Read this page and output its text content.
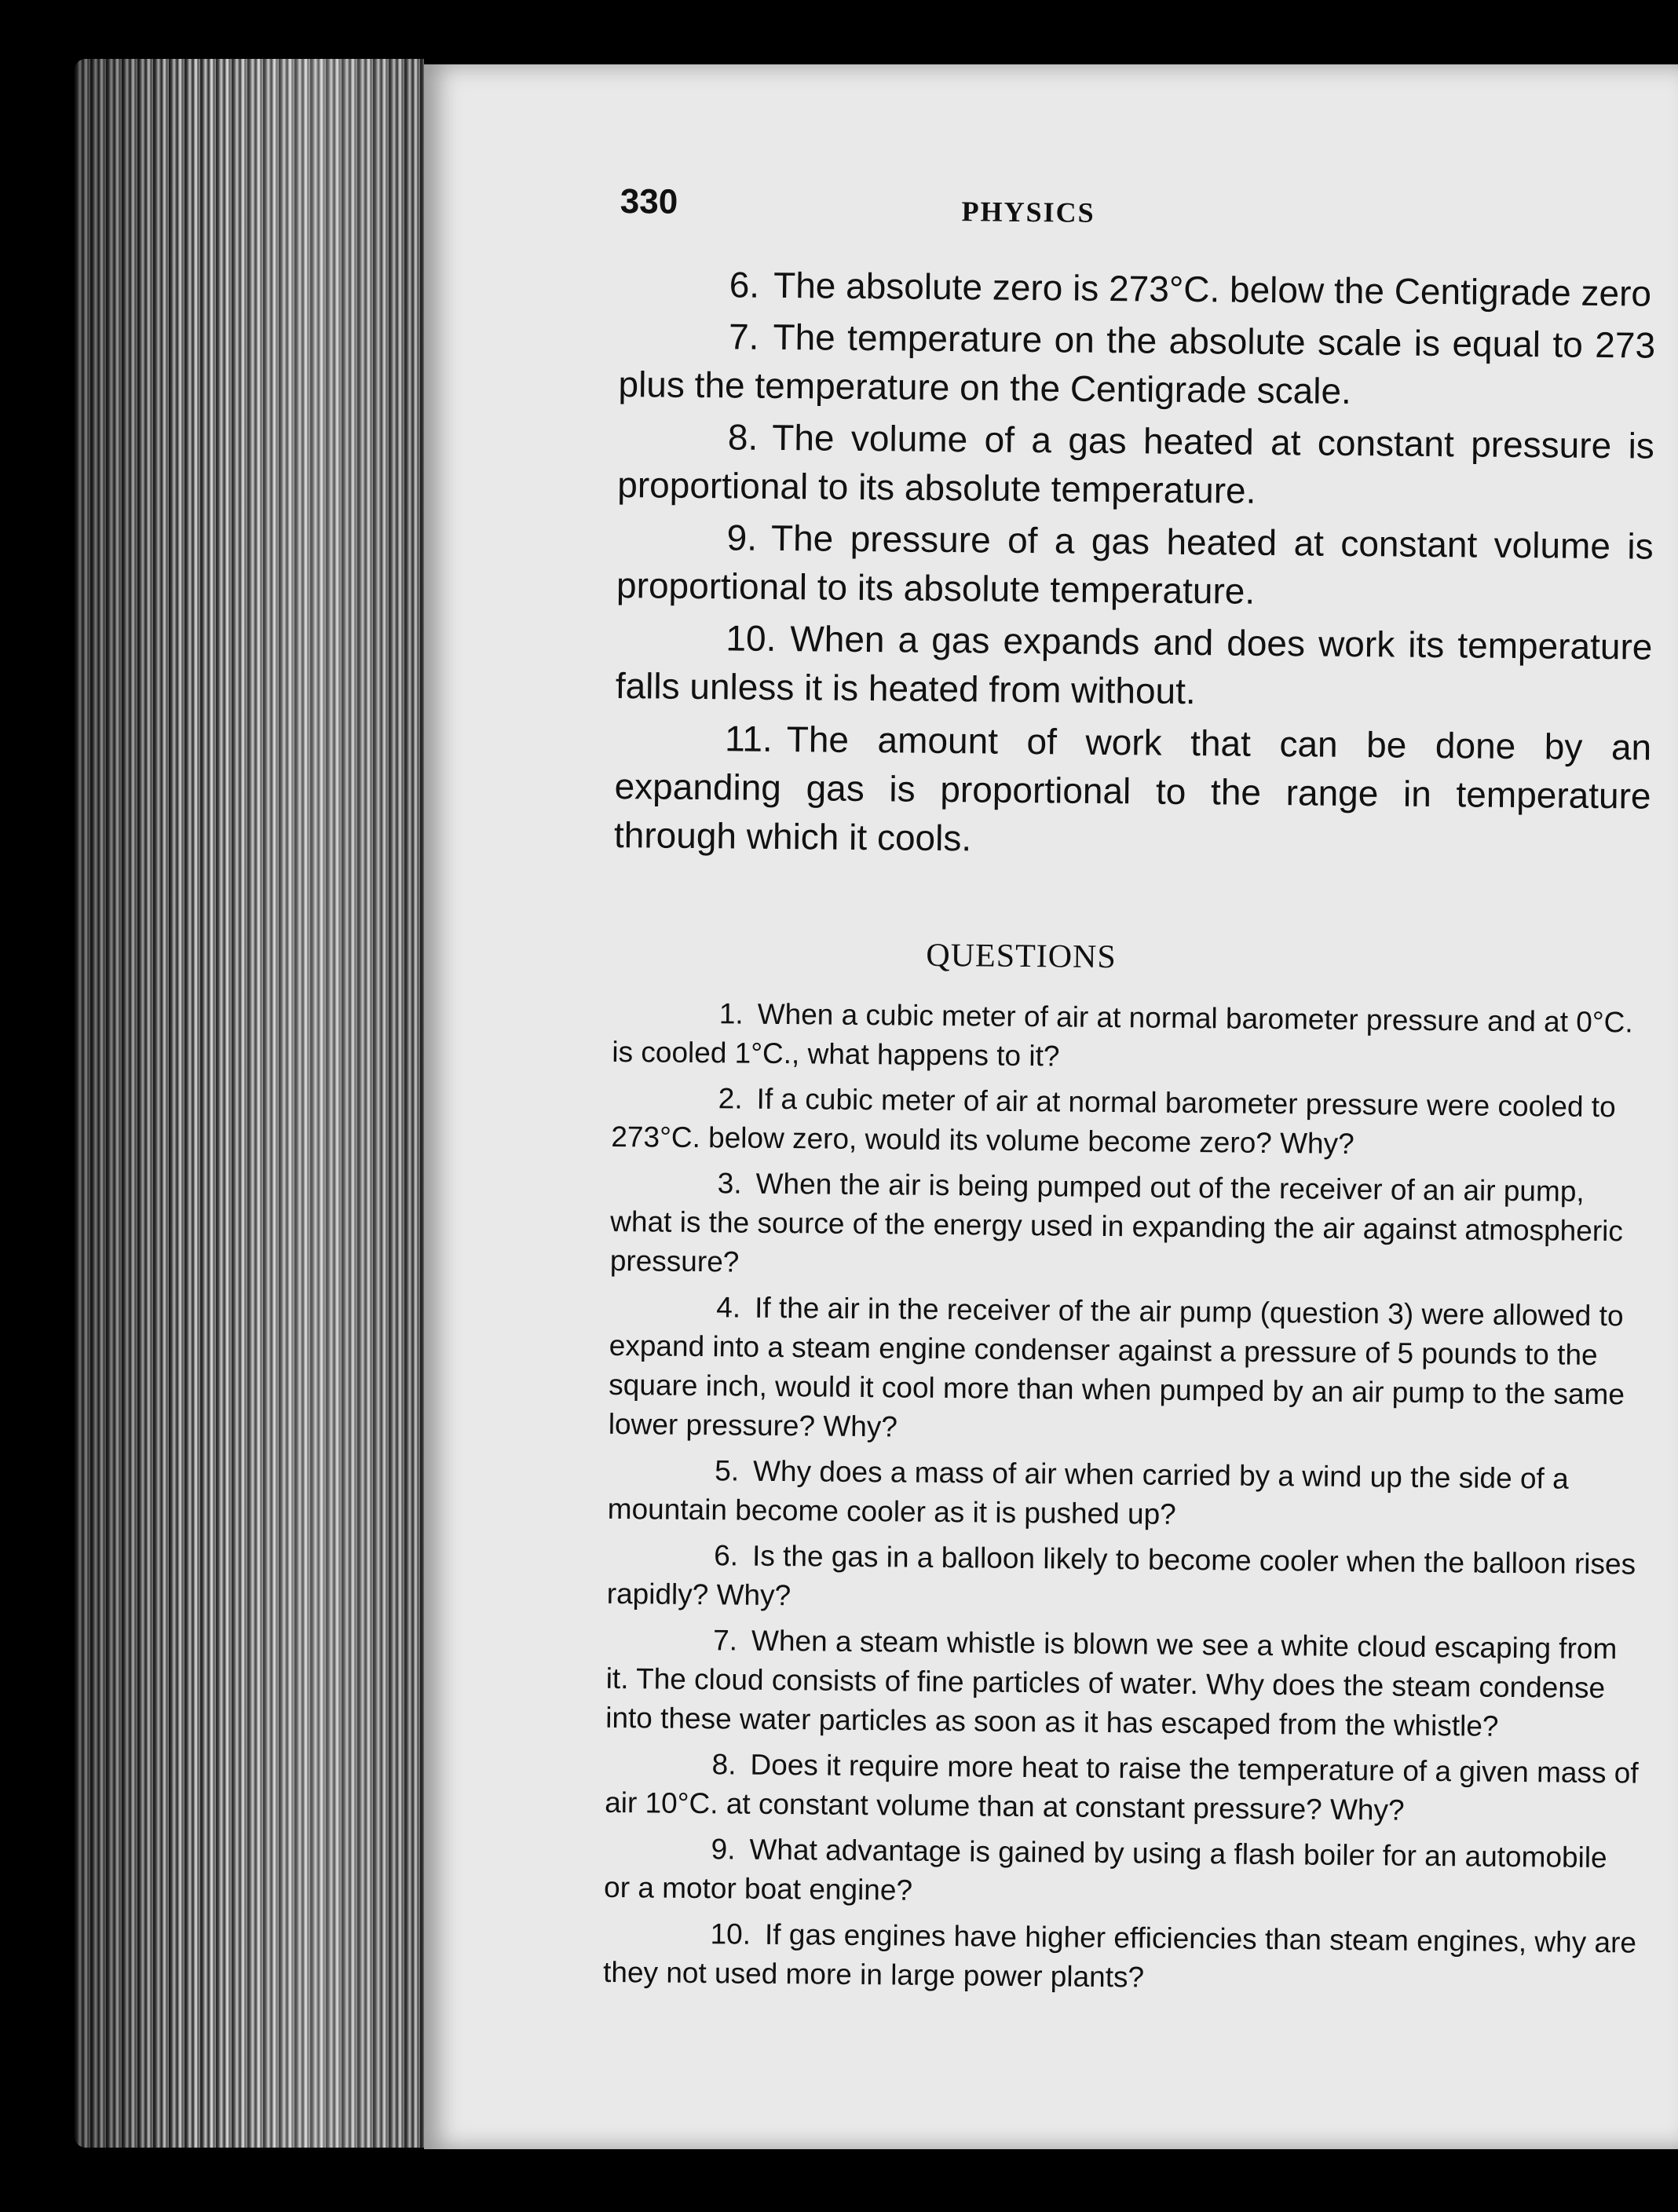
330	PHYSICS

6. The absolute zero is 273°C. below the Centigrade zero

7. The temperature on the absolute scale is equal to 273 plus the temperature on the Centigrade scale.

8. The volume of a gas heated at constant pressure is proportional to its absolute temperature.

9. The pressure of a gas heated at constant volume is proportional to its absolute temperature.

10. When a gas expands and does work its temperature falls unless it is heated from without.

11. The amount of work that can be done by an expanding gas is proportional to the range in temperature through which it cools.

QUESTIONS

1. When a cubic meter of air at normal barometer pressure and at 0°C. is cooled 1°C., what happens to it?

2. If a cubic meter of air at normal barometer pressure were cooled to 273°C. below zero, would its volume become zero? Why?

3. When the air is being pumped out of the receiver of an air pump, what is the source of the energy used in expanding the air against atmospheric pressure?

4. If the air in the receiver of the air pump (question 3) were allowed to expand into a steam engine condenser against a pressure of 5 pounds to the square inch, would it cool more than when pumped by an air pump to the same lower pressure? Why?

5. Why does a mass of air when carried by a wind up the side of a mountain become cooler as it is pushed up?

6. Is the gas in a balloon likely to become cooler when the balloon rises rapidly? Why?

7. When a steam whistle is blown we see a white cloud escaping from it. The cloud consists of fine particles of water. Why does the steam condense into these water particles as soon as it has escaped from the whistle?

8. Does it require more heat to raise the temperature of a given mass of air 10°C. at constant volume than at constant pressure? Why?

9. What advantage is gained by using a flash boiler for an automobile or a motor boat engine?

10. If gas engines have higher efficiencies than steam engines, why are they not used more in large power plants?
